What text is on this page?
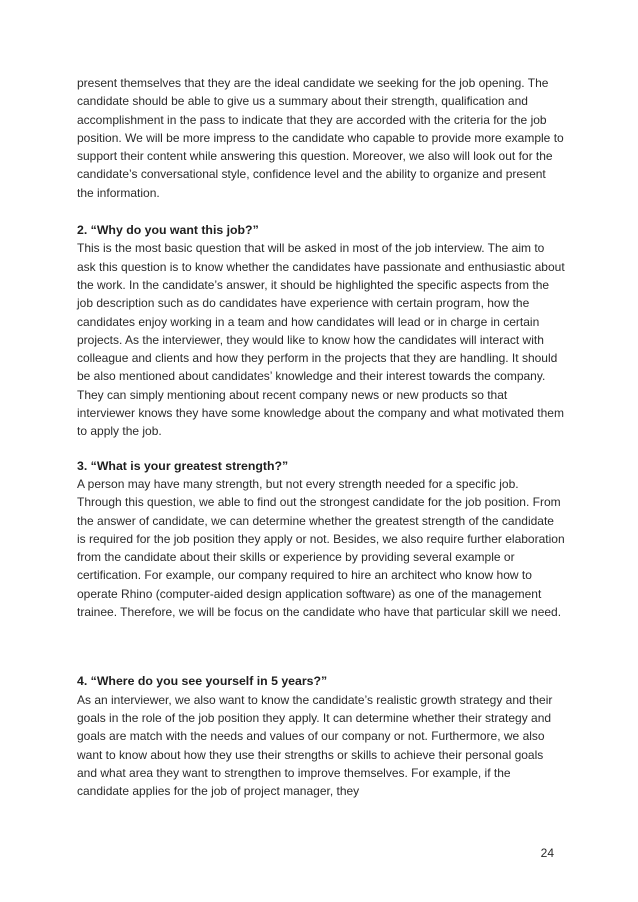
present themselves that they are the ideal candidate we seeking for the job opening. The candidate should be able to give us a summary about their strength, qualification and accomplishment in the pass to indicate that they are accorded with the criteria for the job position. We will be more impress to the candidate who capable to provide more example to support their content while answering this question. Moreover, we also will look out for the candidate’s conversational style, confidence level and the ability to organize and present the information.

2. “Why do you want this job?”

This is the most basic question that will be asked in most of the job interview. The aim to ask this question is to know whether the candidates have passionate and enthusiastic about the work. In the candidate’s answer, it should be highlighted the specific aspects from the job description such as do candidates have experience with certain program, how the candidates enjoy working in a team and how candidates will lead or in charge in certain projects. As the interviewer, they would like to know how the candidates will interact with colleague and clients and how they perform in the projects that they are handling. It should be also mentioned about candidates’ knowledge and their interest towards the company. They can simply mentioning about recent company news or new products so that interviewer knows they have some knowledge about the company and what motivated them to apply the job.

3. “What is your greatest strength?”

A person may have many strength, but not every strength needed for a specific job. Through this question, we able to find out the strongest candidate for the job position. From the answer of candidate, we can determine whether the greatest strength of the candidate is required for the job position they apply or not. Besides, we also require further elaboration from the candidate about their skills or experience by providing several example or certification. For example, our company required to hire an architect who know how to operate Rhino (computer-aided design application software) as one of the management trainee. Therefore, we will be focus on the candidate who have that particular skill we need.

4. “Where do you see yourself in 5 years?”

As an interviewer, we also want to know the candidate’s realistic growth strategy and their goals in the role of the job position they apply. It can determine whether their strategy and goals are match with the needs and values of our company or not. Furthermore, we also want to know about how they use their strengths or skills to achieve their personal goals and what area they want to strengthen to improve themselves. For example, if the candidate applies for the job of project manager, they

24
